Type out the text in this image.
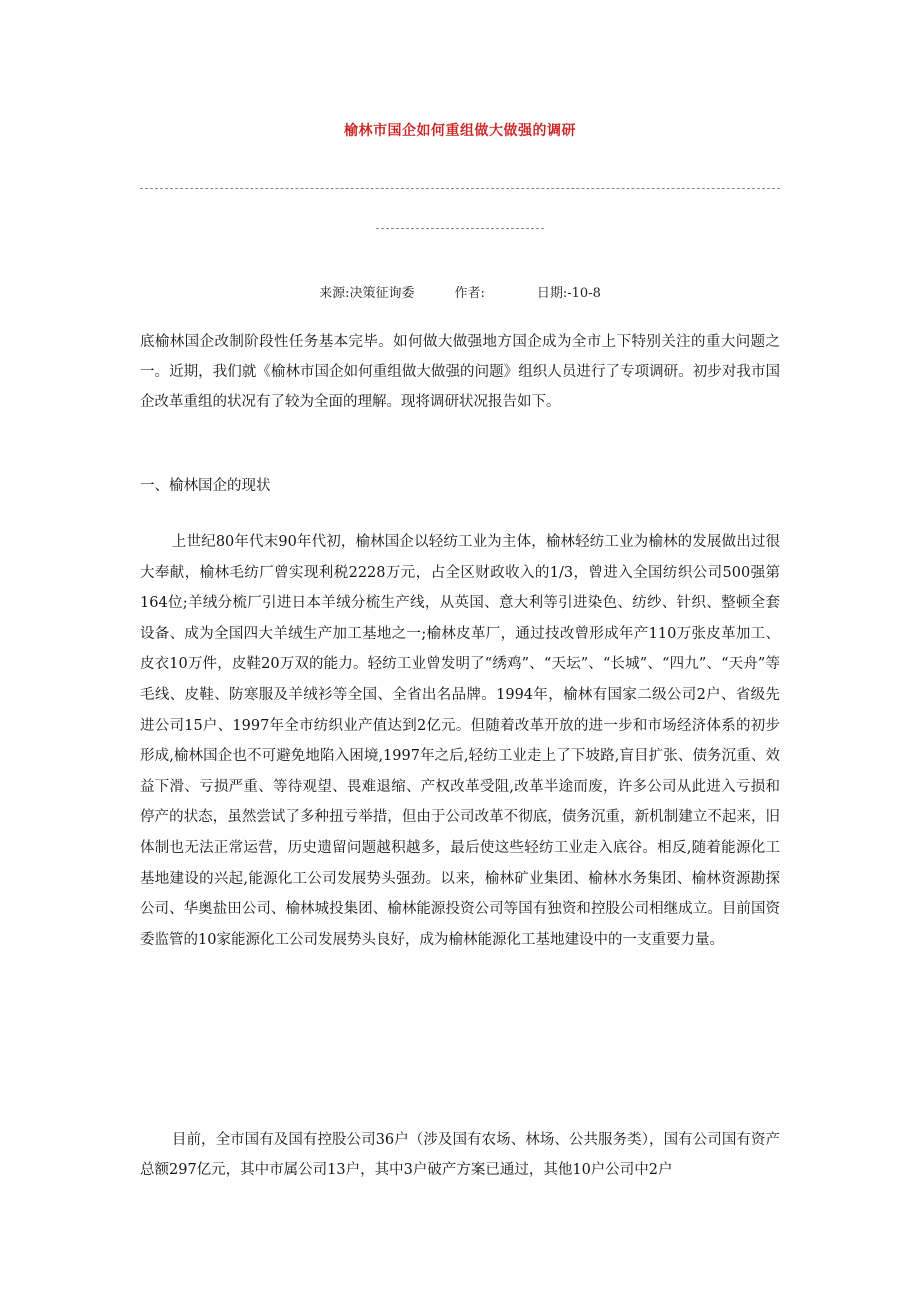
榆林市国企如何重组做大做强的调研
来源:决策征询委	作者:	日期:-10-8
底榆林国企改制阶段性任务基本完毕。如何做大做强地方国企成为全市上下特别关注的重大问题之一。近期，我们就《榆林市国企如何重组做大做强的问题》组织人员进行了专项调研。初步对我市国企改革重组的状况有了较为全面的理解。现将调研状况报告如下。
一、榆林国企的现状
上世纪80年代末90年代初，榆林国企以轻纺工业为主体，榆林轻纺工业为榆林的发展做出过很大奉献，榆林毛纺厂曾实现利税2228万元，占全区财政收入的1/3，曾进入全国纺织公司500强第164位;羊绒分梳厂引进日本羊绒分梳生产线，从英国、意大利等引进染色、纺纱、针织、整顿全套设备、成为全国四大羊绒生产加工基地之一;榆林皮革厂，通过技改曾形成年产110万张皮革加工、皮衣10万件，皮鞋20万双的能力。轻纺工业曾发明了“绣鸡”、“天坛”、“长城”、“四九”、“天舟”等毛线、皮鞋、防寒服及羊绒衫等全国、全省出名品牌。1994年，榆林有国家二级公司2户、省级先进公司15户、1997年全市纺织业产值达到2亿元。但随着改革开放的进一步和市场经济体系的初步形成,榆林国企也不可避免地陷入困境,1997年之后,轻纺工业走上了下坡路,盲目扩张、债务沉重、效益下滑、亏损严重、等待观望、畏难退缩、产权改革受阻,改革半途而废，许多公司从此进入亏损和停产的状态，虽然尝试了多种扭亏举措，但由于公司改革不彻底，债务沉重，新机制建立不起来，旧体制也无法正常运营，历史遗留问题越积越多，最后使这些轻纺工业走入底谷。相反,随着能源化工基地建设的兴起,能源化工公司发展势头强劲。以来，榆林矿业集团、榆林水务集团、榆林资源勘探公司、华奥盐田公司、榆林城投集团、榆林能源投资公司等国有独资和控股公司相继成立。目前国资委监管的10家能源化工公司发展势头良好，成为榆林能源化工基地建设中的一支重要力量。
目前，全市国有及国有控股公司36户（涉及国有农场、林场、公共服务类），国有公司国有资产总额297亿元，其中市属公司13户，其中3户破产方案已通过，其他10户公司中2户
